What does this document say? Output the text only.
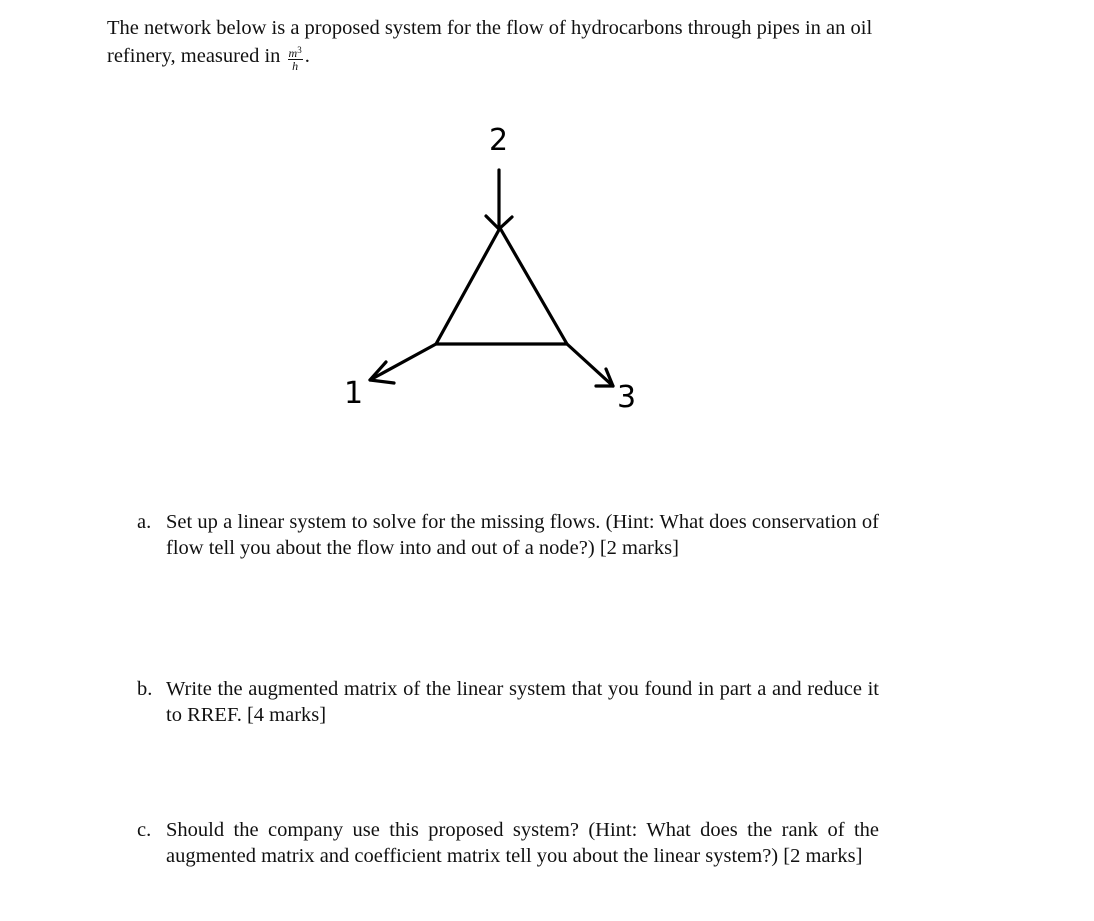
The network below is a proposed system for the flow of hydrocarbons through pipes in an oil refinery, measured in $\frac{m^3}{h}$ .
2
1	3
a. Set up a linear system to solve for the missing flows. (Hint: What does conservation of flow tell you about the flow into and out of a node?) [2 marks]
b. Write the augmented matrix of the linear system that you found in part a and reduce it to RREF. [4 marks]
c. Should the company use this proposed system? (Hint: What does the rank of the augmented matrix and coefficient matrix tell you about the linear system?) [2 marks]
